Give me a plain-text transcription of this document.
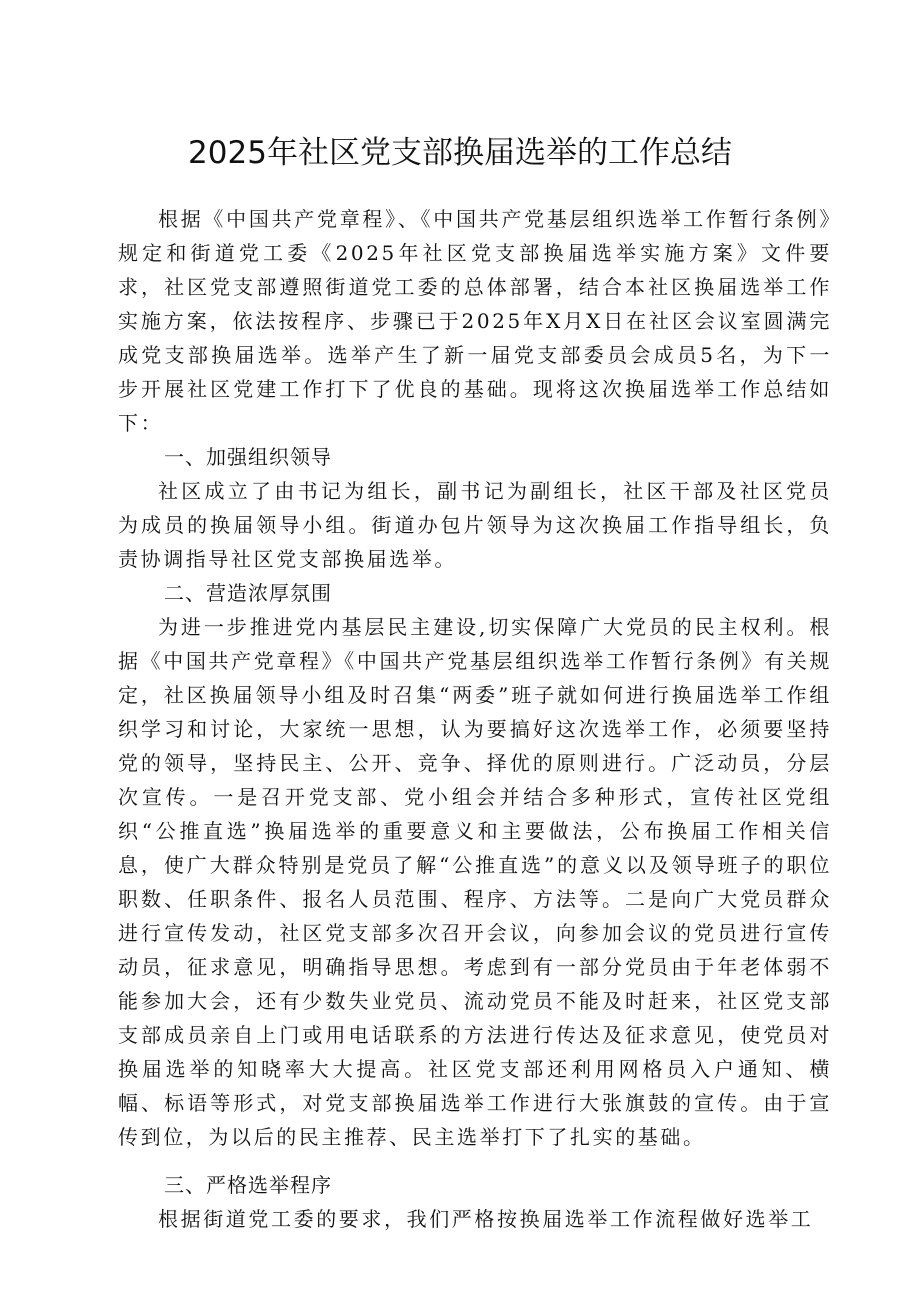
2025年社区党支部换届选举的工作总结

根据《中国共产党章程》、《中国共产党基层组织选举工作暂行条例》规定和街道党工委《2025年社区党支部换届选举实施方案》文件要求，社区党支部遵照街道党工委的总体部署，结合本社区换届选举工作实施方案，依法按程序、步骤已于2025年X月X日在社区会议室圆满完成党支部换届选举。选举产生了新一届党支部委员会成员5名，为下一步开展社区党建工作打下了优良的基础。现将这次换届选举工作总结如下：

一、加强组织领导

社区成立了由书记为组长，副书记为副组长，社区干部及社区党员为成员的换届领导小组。街道办包片领导为这次换届工作指导组长，负责协调指导社区党支部换届选举。

二、营造浓厚氛围

为进一步推进党内基层民主建设,切实保障广大党员的民主权利。根据《中国共产党章程》《中国共产党基层组织选举工作暂行条例》有关规定，社区换届领导小组及时召集“两委”班子就如何进行换届选举工作组织学习和讨论，大家统一思想，认为要搞好这次选举工作，必须要坚持党的领导，坚持民主、公开、竞争、择优的原则进行。广泛动员，分层次宣传。一是召开党支部、党小组会并结合多种形式，宣传社区党组织“公推直选”换届选举的重要意义和主要做法，公布换届工作相关信息，使广大群众特别是党员了解“公推直选”的意义以及领导班子的职位职数、任职条件、报名人员范围、程序、方法等。二是向广大党员群众进行宣传发动，社区党支部多次召开会议，向参加会议的党员进行宣传动员，征求意见，明确指导思想。考虑到有一部分党员由于年老体弱不能参加大会，还有少数失业党员、流动党员不能及时赶来，社区党支部支部成员亲自上门或用电话联系的方法进行传达及征求意见，使党员对换届选举的知晓率大大提高。社区党支部还利用网格员入户通知、横幅、标语等形式，对党支部换届选举工作进行大张旗鼓的宣传。由于宣传到位，为以后的民主推荐、民主选举打下了扎实的基础。

三、严格选举程序

根据街道党工委的要求，我们严格按换届选举工作流程做好选举工
